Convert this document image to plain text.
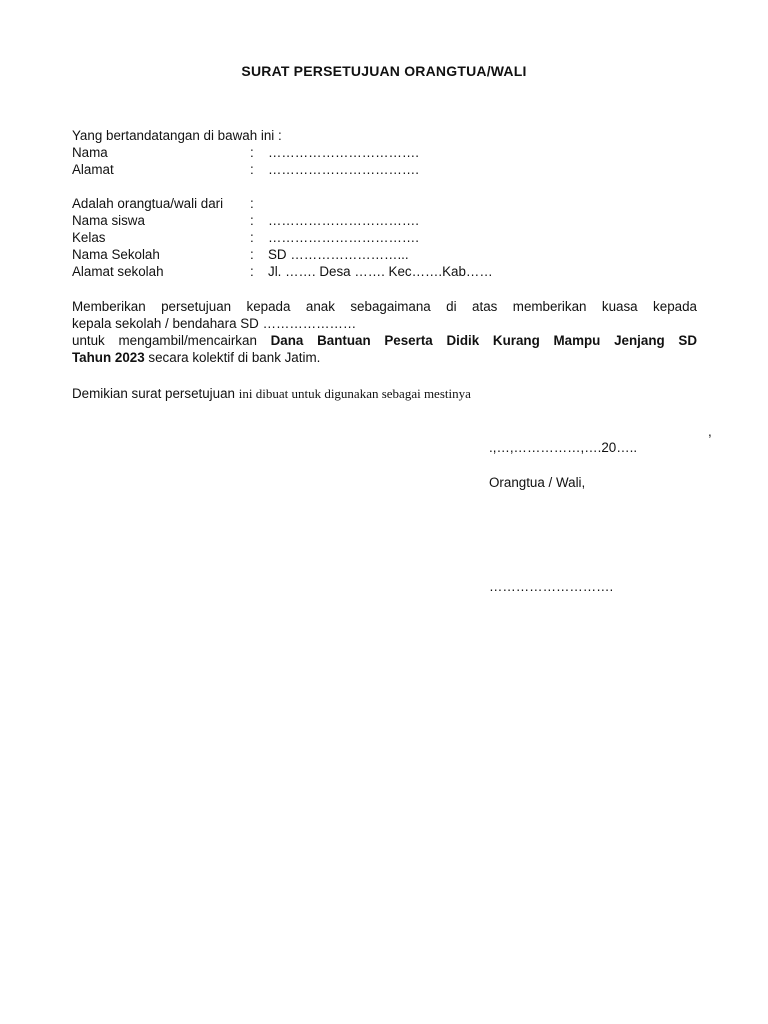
SURAT PERSETUJUAN ORANGTUA/WALI
Yang bertandatangan di bawah ini :
Nama	: …………………………….
Alamat	: …………………………….
Adalah orangtua/wali dari :
Nama siswa	: …………………………….
Kelas	: …………………………….
Nama Sekolah	: SD ……………………...
Alamat sekolah	: Jl. ……. Desa ……. Kec…….Kab……
Memberikan persetujuan kepada anak sebagaimana di atas memberikan kuasa kepada
kepala sekolah / bendahara SD …………………
untuk mengambil/mencairkan Dana Bantuan Peserta Didik Kurang Mampu Jenjang SD
Tahun 2023 secara kolektif di bank Jatim.
Demikian surat persetujuan ini dibuat untuk digunakan sebagai mestinya
,
.,…,……………,….20…..
Orangtua / Wali,
……………………….
